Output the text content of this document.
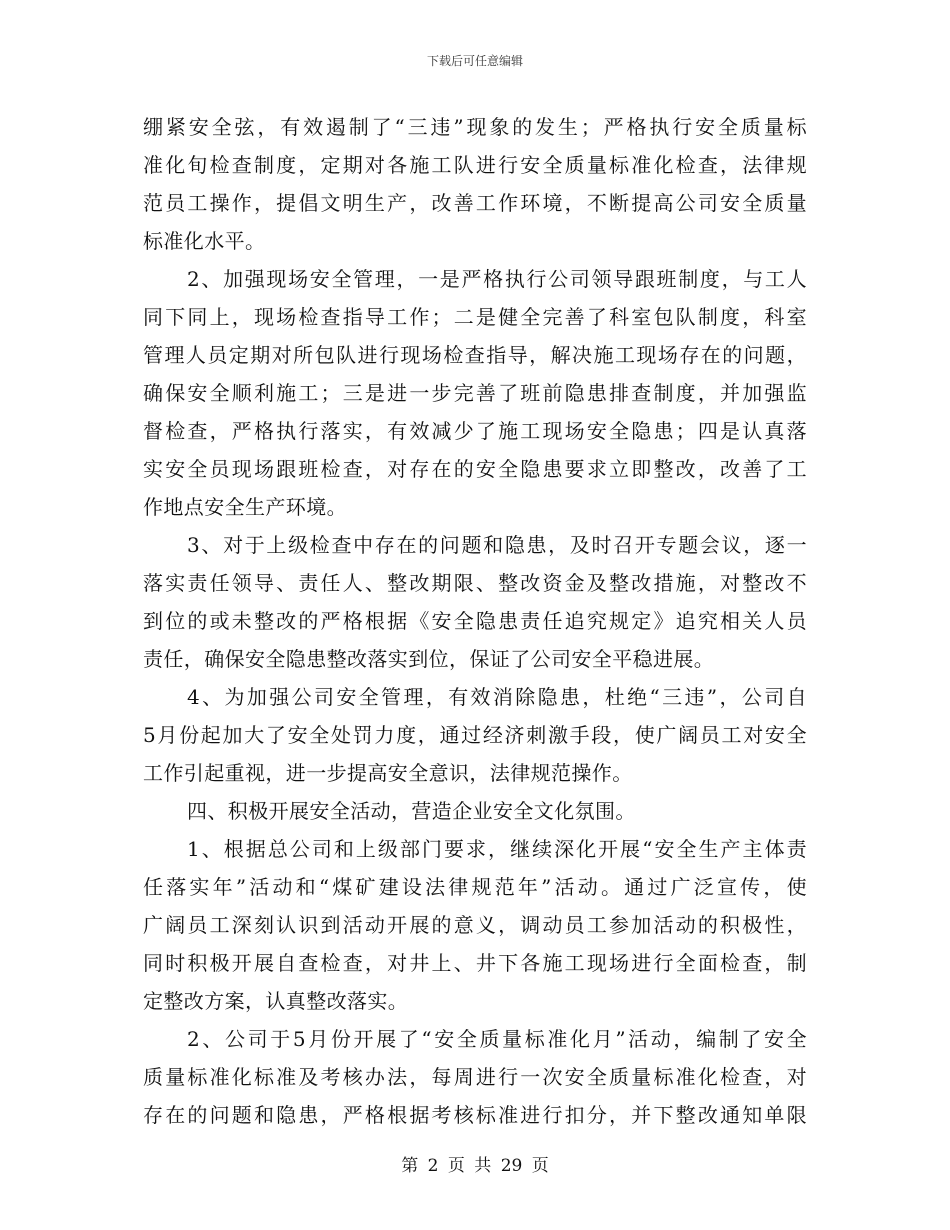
下载后可任意编辑
绷紧安全弦，有效遏制了“三违”现象的发生；严格执行安全质量标
准化旬检查制度，定期对各施工队进行安全质量标准化检查，法律规
范员工操作，提倡文明生产，改善工作环境，不断提高公司安全质量
标准化水平。
2、加强现场安全管理，一是严格执行公司领导跟班制度，与工人
同下同上，现场检查指导工作；二是健全完善了科室包队制度，科室
管理人员定期对所包队进行现场检查指导，解决施工现场存在的问题，
确保安全顺利施工；三是进一步完善了班前隐患排查制度，并加强监
督检查，严格执行落实，有效减少了施工现场安全隐患；四是认真落
实安全员现场跟班检查，对存在的安全隐患要求立即整改，改善了工
作地点安全生产环境。
3、对于上级检查中存在的问题和隐患，及时召开专题会议，逐一
落实责任领导、责任人、整改期限、整改资金及整改措施，对整改不
到位的或未整改的严格根据《安全隐患责任追究规定》追究相关人员
责任，确保安全隐患整改落实到位，保证了公司安全平稳进展。
4、为加强公司安全管理，有效消除隐患，杜绝“三违”，公司自
5月份起加大了安全处罚力度，通过经济刺激手段，使广阔员工对安全
工作引起重视，进一步提高安全意识，法律规范操作。
四、积极开展安全活动，营造企业安全文化氛围。
1、根据总公司和上级部门要求，继续深化开展“安全生产主体责
任落实年”活动和“煤矿建设法律规范年”活动。通过广泛宣传，使
广阔员工深刻认识到活动开展的意义，调动员工参加活动的积极性，
同时积极开展自查检查，对井上、井下各施工现场进行全面检查，制
定整改方案，认真整改落实。
2、公司于5月份开展了“安全质量标准化月”活动，编制了安全
质量标准化标准及考核办法，每周进行一次安全质量标准化检查，对
存在的问题和隐患，严格根据考核标准进行扣分，并下整改通知单限
第 2 页 共 29 页
